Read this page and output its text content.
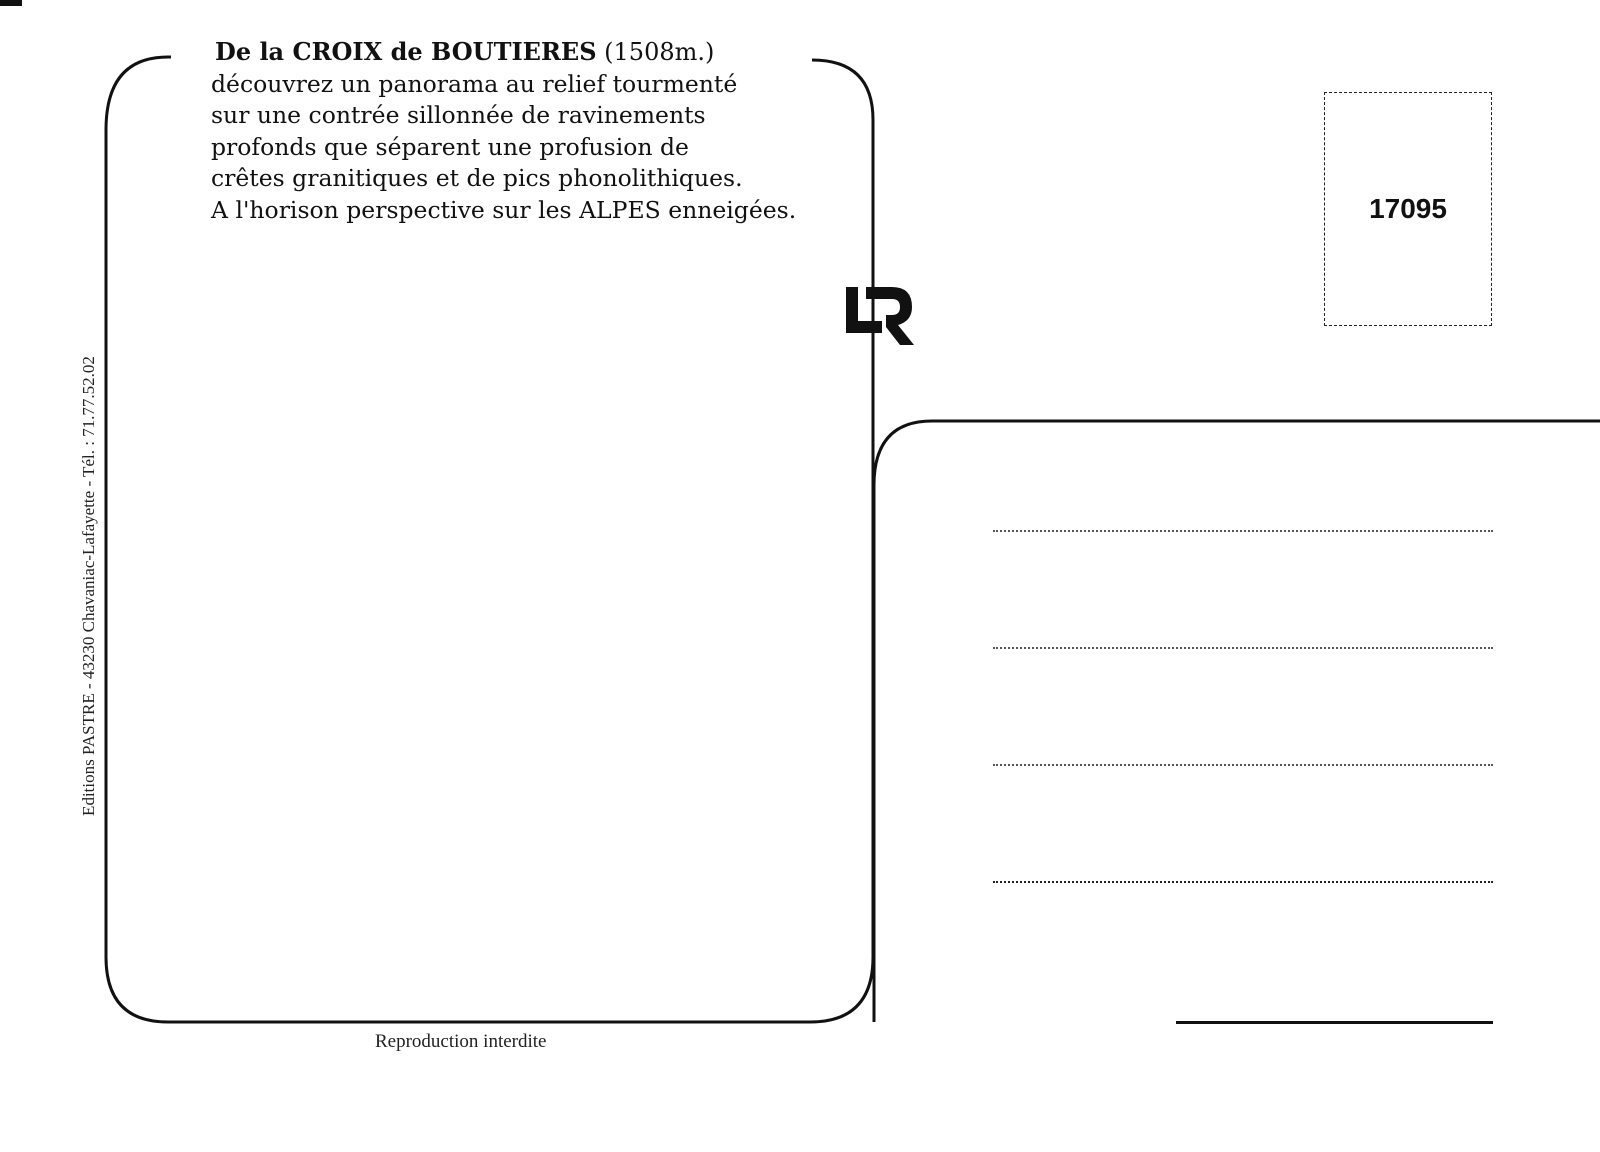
De la CROIX de BOUTIERES (1508m.)

découvrez un panorama au relief tourmenté

sur une contrée sillonnée de ravinements

profonds que séparent une profusion de

crêtes granitiques et de pics phonolithiques.

A l'horison perspective sur les ALPES enneigées.

Editions PASTRE - 43230 Chavaniac-Lafayette - Tél. : 71.77.52.02
Reproduction interdite
17095
